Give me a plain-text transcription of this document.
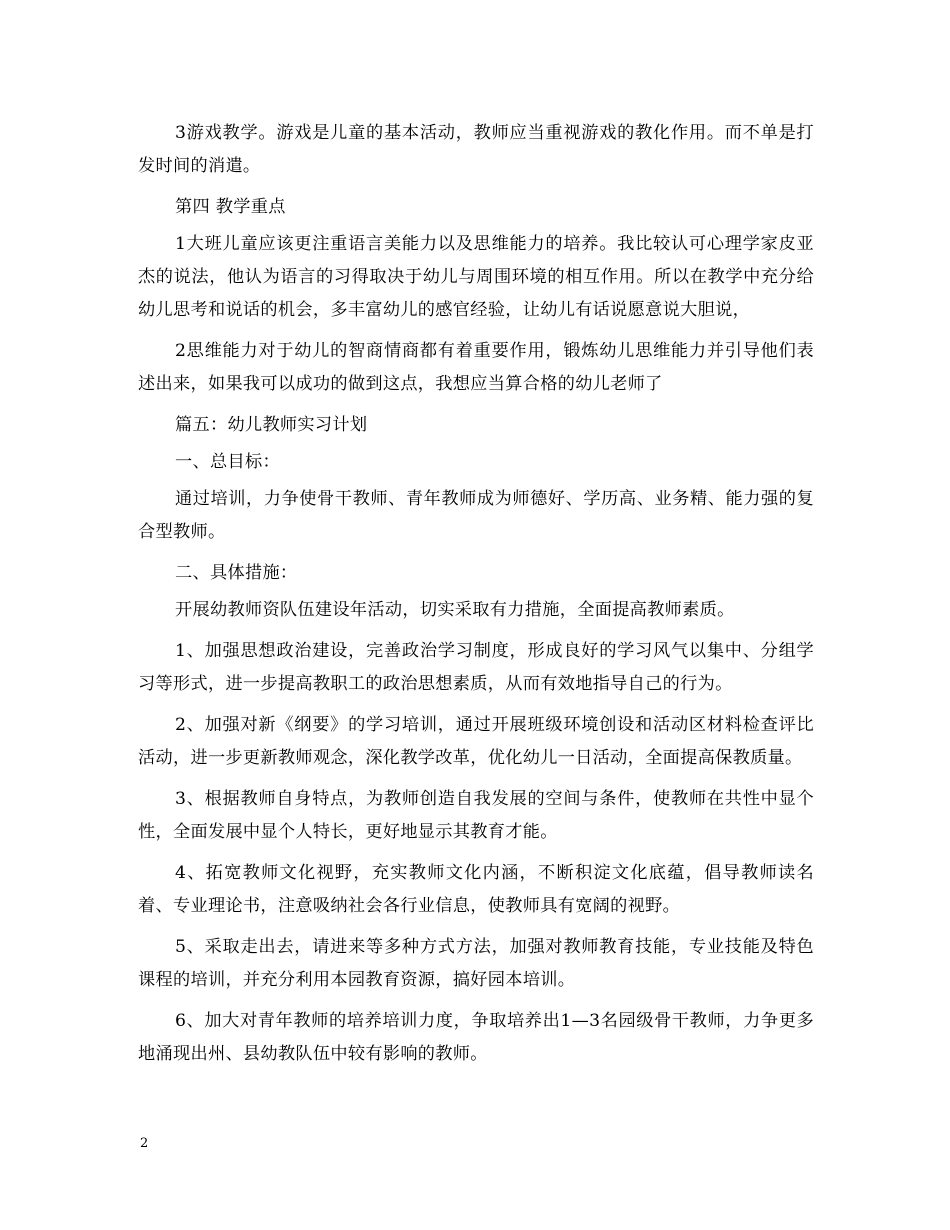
3游戏教学。游戏是儿童的基本活动，教师应当重视游戏的教化作用。而不单是打发时间的消遣。

第四 教学重点

1大班儿童应该更注重语言美能力以及思维能力的培养。我比较认可心理学家皮亚杰的说法，他认为语言的习得取决于幼儿与周围环境的相互作用。所以在教学中充分给幼儿思考和说话的机会，多丰富幼儿的感官经验，让幼儿有话说愿意说大胆说，

2思维能力对于幼儿的智商情商都有着重要作用，锻炼幼儿思维能力并引导他们表述出来，如果我可以成功的做到这点，我想应当算合格的幼儿老师了

篇五：幼儿教师实习计划

一、总目标：

通过培训，力争使骨干教师、青年教师成为师德好、学历高、业务精、能力强的复合型教师。

二、具体措施：

开展幼教师资队伍建设年活动，切实采取有力措施，全面提高教师素质。

1、加强思想政治建设，完善政治学习制度，形成良好的学习风气以集中、分组学习等形式，进一步提高教职工的政治思想素质，从而有效地指导自己的行为。

2、加强对新《纲要》的学习培训，通过开展班级环境创设和活动区材料检查评比活动，进一步更新教师观念，深化教学改革，优化幼儿一日活动，全面提高保教质量。

3、根据教师自身特点，为教师创造自我发展的空间与条件，使教师在共性中显个性，全面发展中显个人特长，更好地显示其教育才能。

4、拓宽教师文化视野，充实教师文化内涵，不断积淀文化底蕴，倡导教师读名着、专业理论书，注意吸纳社会各行业信息，使教师具有宽阔的视野。

5、采取走出去，请进来等多种方式方法，加强对教师教育技能，专业技能及特色课程的培训，并充分利用本园教育资源，搞好园本培训。

6、加大对青年教师的培养培训力度，争取培养出1—3名园级骨干教师，力争更多地涌现出州、县幼教队伍中较有影响的教师。

2
